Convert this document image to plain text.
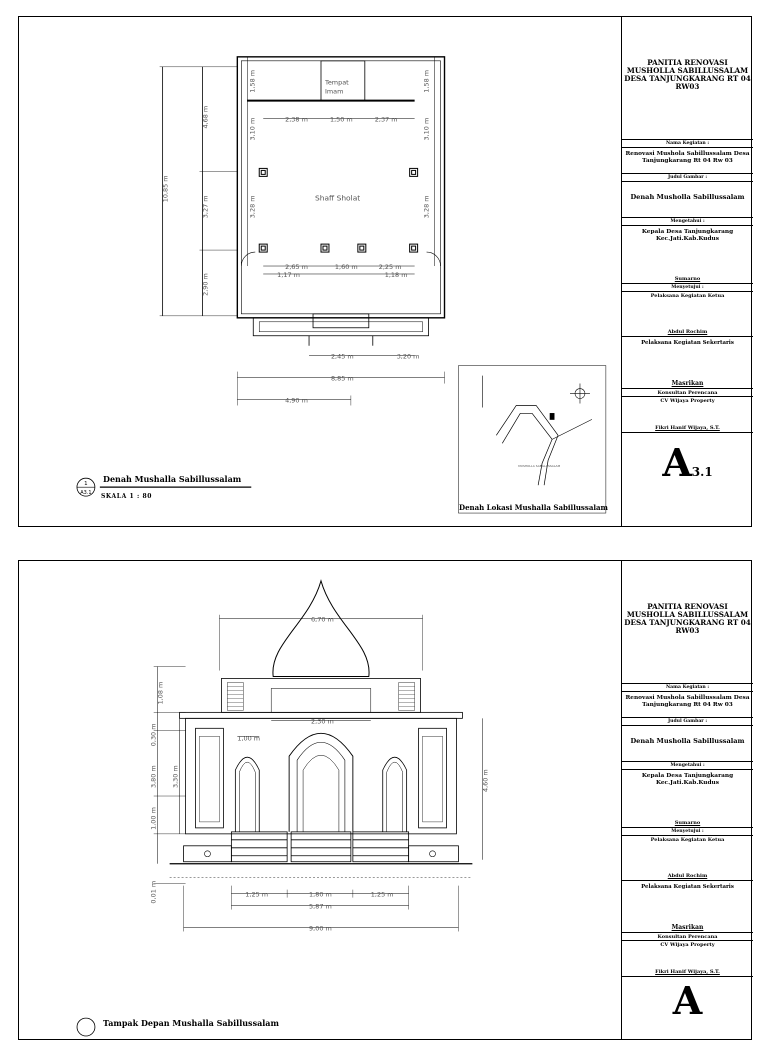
Tempat
Imam
Shaff Sholat
1,58 m	1,58 m
4,68 m
10,85 m
3,27 m
2,90 m
3,10 m	3,10 m
3,28 m	3,28 m
2,38 m	1,50 m	2,37 m
2,65 m	1,60 m	2,25 m
1,17 m	1,18 m
2,45 m	3,20 m
8,85 m
4,90 m
1
A3.1
MUSHOLLA SABILLUSSALAM
Denah Mushalla Sabillussalam
SKALA 1 : 80
Denah Lokasi Mushalla Sabillussalam
PANITIA RENOVASI MUSHOLLA SABILLUSSALAM DESA TANJUNGKARANG RT 04 RW03
Nama Kegiatan :
Renovasi Mushola Sabillussalam Desa Tanjungkarang Rt 04 Rw 03
Judul Gambar :
Denah Musholla Sabillussalam
Mengetahui :
Kepala Desa Tanjungkarang Kec.Jati.Kab.Kudus
Sumarno
Menyetujui :
Pelaksana Kegiatan Ketua
Abdul Rochim
Pelaksana Kegiatan Sekertaris
Masrikan
Konsultan Perencana
CV Wijaya Property
Fikri Hanif Wijaya, S.T.
A3.1
6,70 m
1,08 m
2,30 m
0,30 m	1,00 m
3,80 m 3,30 m
1,00 m
4,60 m
0,01 m	1,25 m	1,80 m	1,25 m
5,87 m
9,00 m
Tampak Depan Mushalla Sabillussalam
PANITIA RENOVASI MUSHOLLA SABILLUSSALAM DESA TANJUNGKARANG RT 04 RW03
Nama Kegiatan :
Renovasi Mushola Sabillussalam Desa Tanjungkarang Rt 04 Rw 03
Judul Gambar :
Denah Musholla Sabillussalam
Mengetahui :
Kepala Desa Tanjungkarang Kec.Jati.Kab.Kudus
Sumarno
Menyetujui :
Pelaksana Kegiatan Ketua
Abdul Rochim
Pelaksana Kegiatan Sekertaris
Masrikan
Konsultan Perencana
CV Wijaya Property
Fikri Hanif Wijaya, S.T.
A
